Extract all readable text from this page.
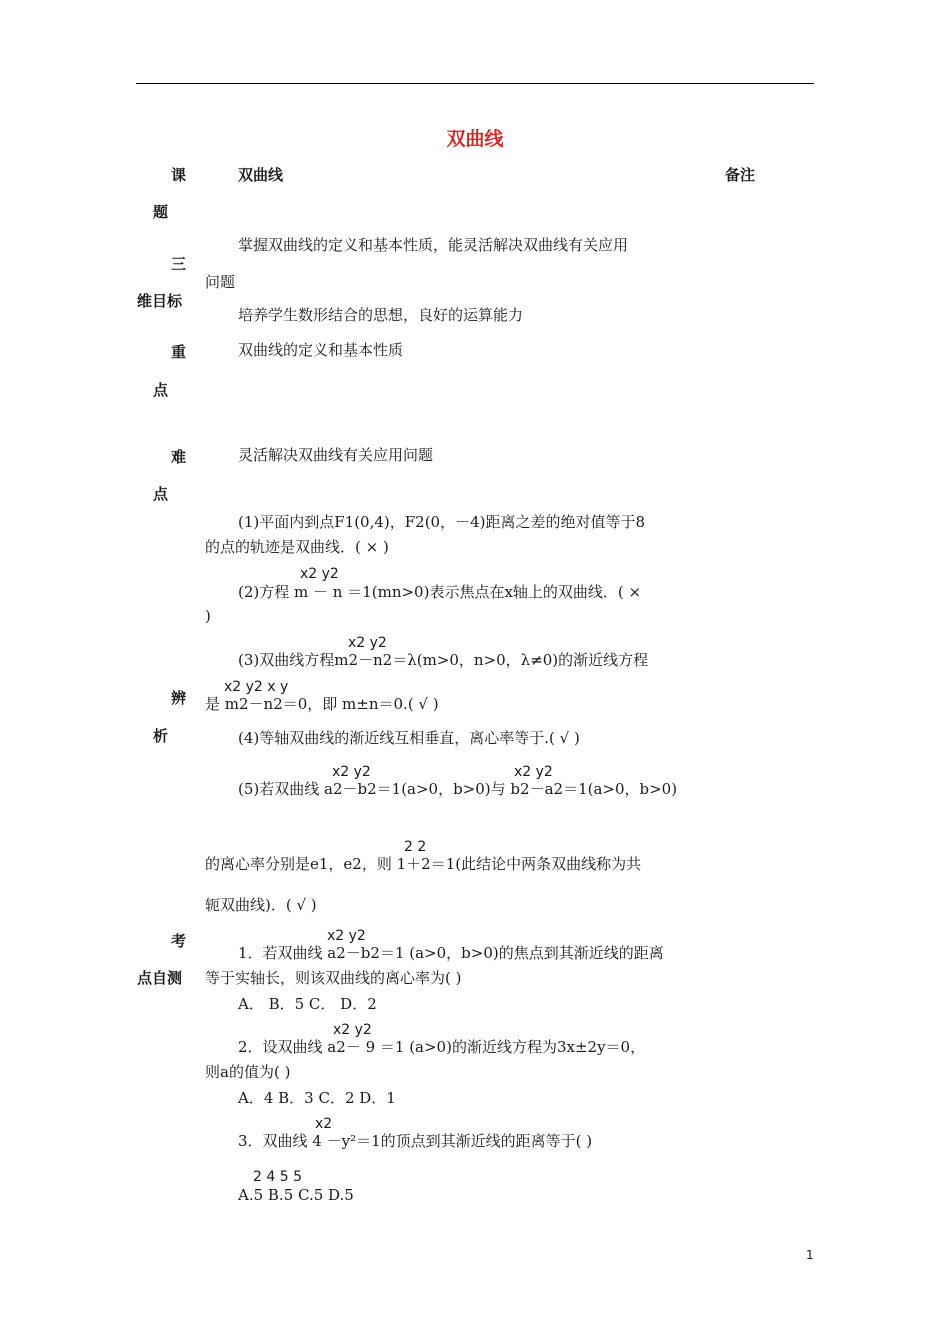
双曲线
课
题
双曲线	备注
三
维目标
掌握双曲线的定义和基本性质，能灵活解决双曲线有关应用
问题
培养学生数形结合的思想，良好的运算能力
重
点
双曲线的定义和基本性质
难
点
灵活解决双曲线有关应用问题
辨
析
(1)平面内到点F1(0,4)，F2(0，－4)距离之差的绝对值等于8
的点的轨迹是双曲线．( × )
x2 y2
(2)方程 m － n ＝1(mn>0)表示焦点在x轴上的双曲线．( ×
)
x2 y2
(3)双曲线方程m2－n2＝λ(m>0，n>0，λ≠0)的渐近线方程
x2 y2 x y
是 m2－n2＝0，即 m±n＝0.( √ )
(4)等轴双曲线的渐近线互相垂直，离心率等于.( √ )
x2 y2	x2 y2
(5)若双曲线 a2－b2＝1(a>0，b>0)与 b2－a2＝1(a>0，b>0)
2 2
的离心率分别是e1，e2，则 1＋2＝1(此结论中两条双曲线称为共
轭双曲线)．( √ )
考
点自测
x2 y2
1．若双曲线 a2－b2＝1 (a>0，b>0)的焦点到其渐近线的距离
等于实轴长，则该双曲线的离心率为( )
A． B．5 C． D．2
x2 y2
2．设双曲线 a2－ 9 ＝1 (a>0)的渐近线方程为3x±2y＝0，
则a的值为( )
A．4 B．3 C．2 D．1
x2
3．双曲线 4 －y²＝1的顶点到其渐近线的距离等于( )
2 4 5 5
A.5 B.5 C.5 D.5
1
